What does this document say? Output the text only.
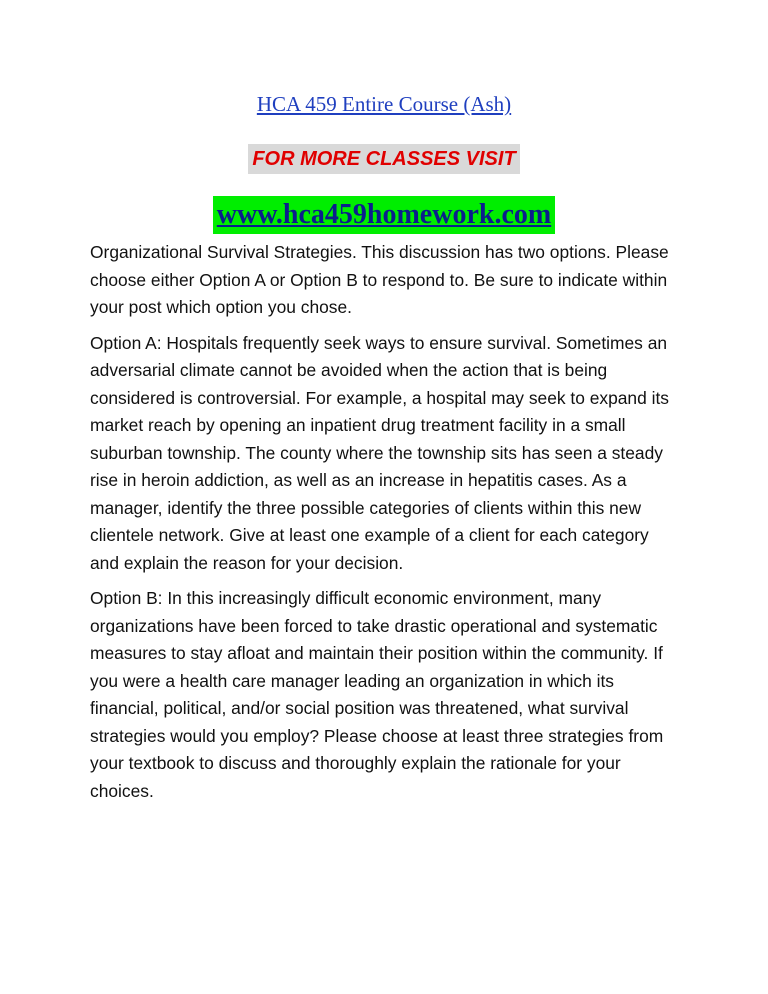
HCA 459 Entire Course (Ash)
FOR MORE CLASSES VISIT
www.hca459homework.com

Organizational Survival Strategies. This discussion has two options. Please choose either Option A or Option B to respond to. Be sure to indicate within your post which option you chose.

Option A: Hospitals frequently seek ways to ensure survival. Sometimes an adversarial climate cannot be avoided when the action that is being considered is controversial. For example, a hospital may seek to expand its market reach by opening an inpatient drug treatment facility in a small suburban township. The county where the township sits has seen a steady rise in heroin addiction, as well as an increase in hepatitis cases. As a manager, identify the three possible categories of clients within this new clientele network. Give at least one example of a client for each category and explain the reason for your decision.

Option B: In this increasingly difficult economic environment, many organizations have been forced to take drastic operational and systematic measures to stay afloat and maintain their position within the community. If you were a health care manager leading an organization in which its financial, political, and/or social position was threatened, what survival strategies would you employ? Please choose at least three strategies from your textbook to discuss and thoroughly explain the rationale for your choices.
